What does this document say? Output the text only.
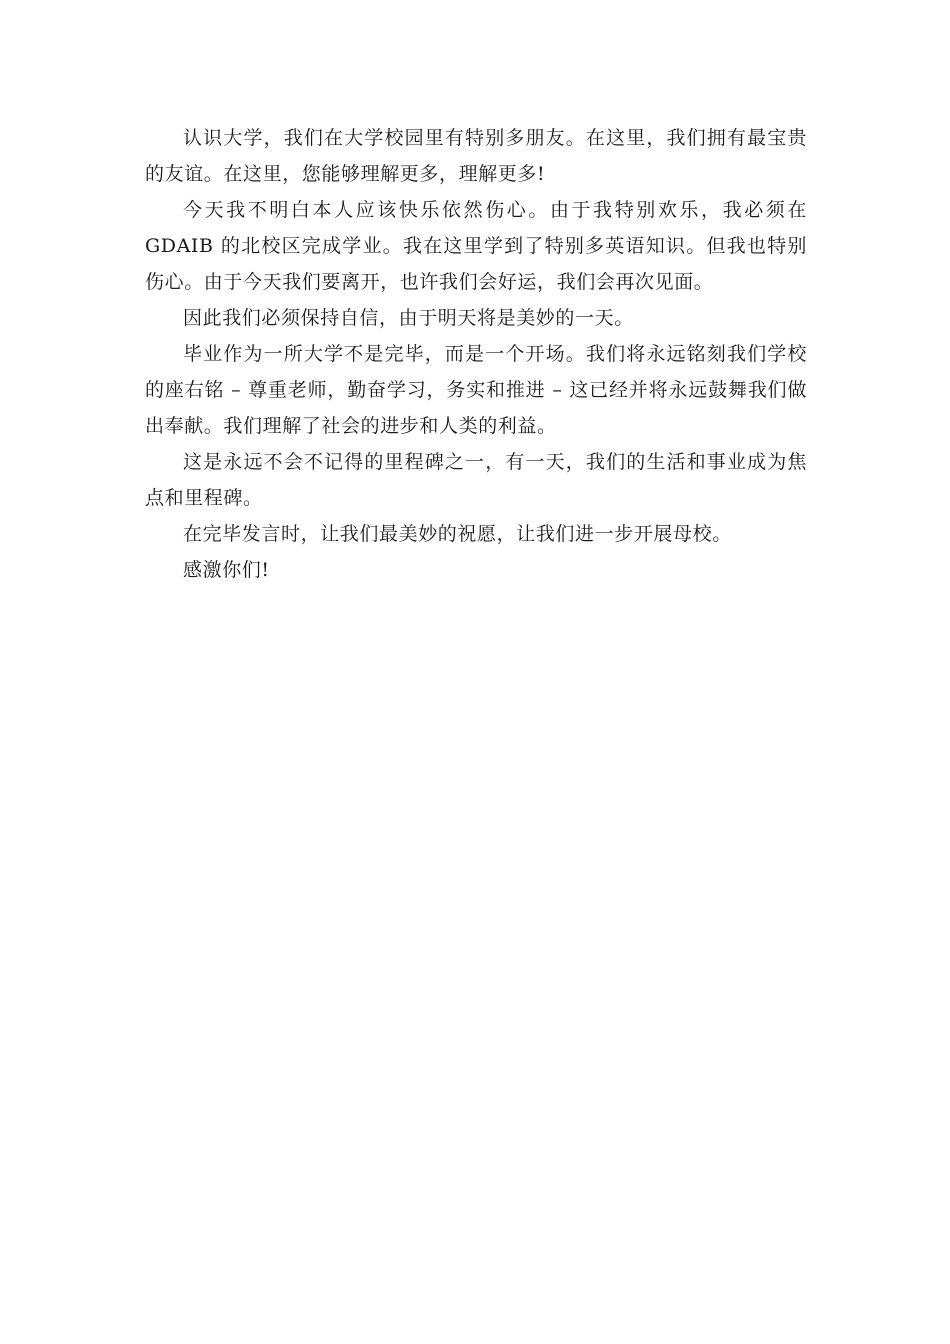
认识大学，我们在大学校园里有特别多朋友。在这里，我们拥有最宝贵的友谊。在这里，您能够理解更多，理解更多!

今天我不明白本人应该快乐依然伤心。由于我特别欢乐，我必须在 GDAIB 的北校区完成学业。我在这里学到了特别多英语知识。但我也特别伤心。由于今天我们要离开，也许我们会好运，我们会再次见面。

因此我们必须保持自信，由于明天将是美妙的一天。

毕业作为一所大学不是完毕，而是一个开场。我们将永远铭刻我们学校的座右铭 – 尊重老师，勤奋学习，务实和推进 – 这已经并将永远鼓舞我们做出奉献。我们理解了社会的进步和人类的利益。

这是永远不会不记得的里程碑之一，有一天，我们的生活和事业成为焦点和里程碑。

在完毕发言时，让我们最美妙的祝愿，让我们进一步开展母校。

感激你们!
